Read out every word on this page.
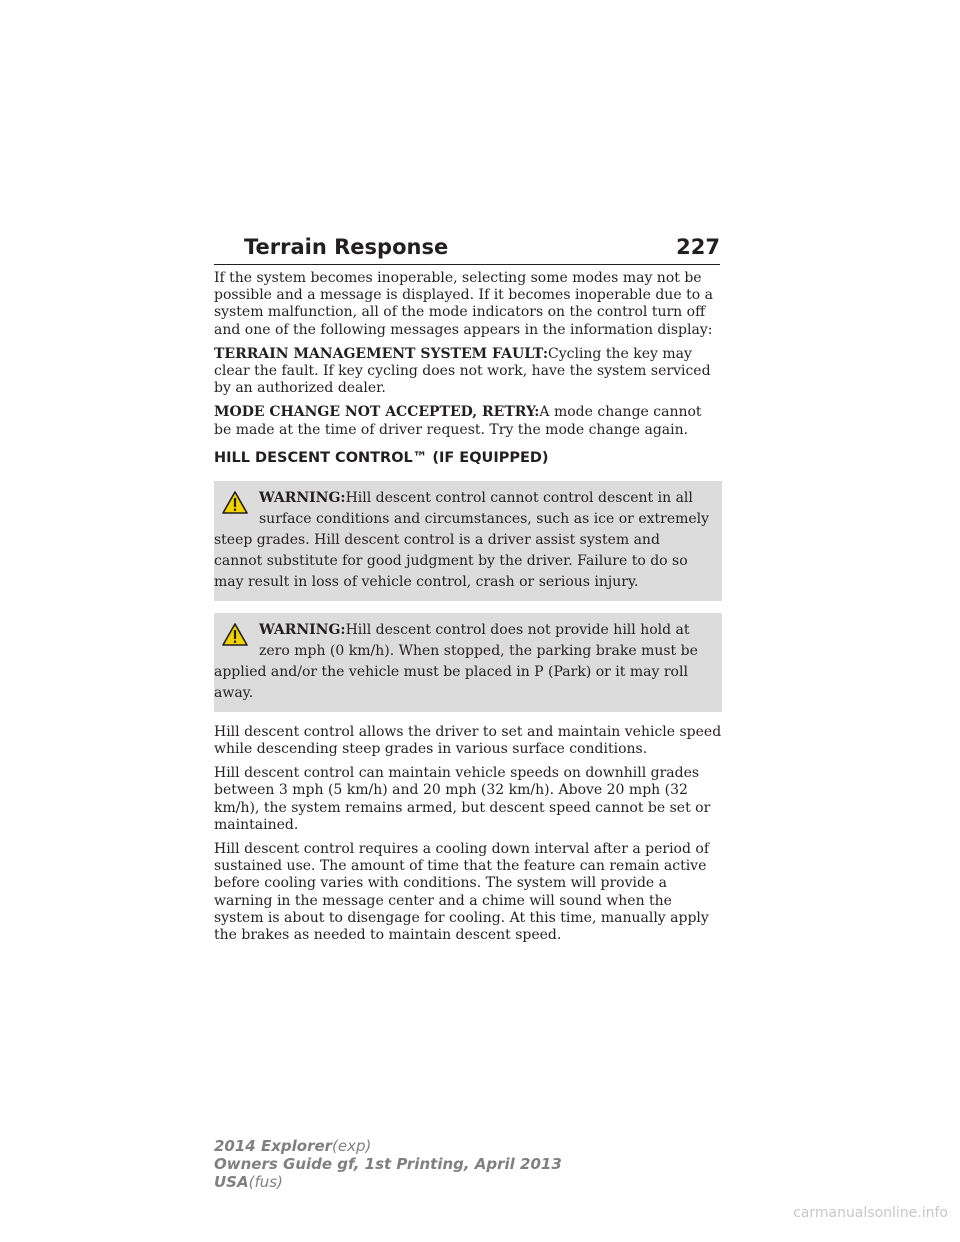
Terrain Response	227

If the system becomes inoperable, selecting some modes may not be possible and a message is displayed. If it becomes inoperable due to a system malfunction, all of the mode indicators on the control turn off and one of the following messages appears in the information display:

TERRAIN MANAGEMENT SYSTEM FAULT:Cycling the key may clear the fault. If key cycling does not work, have the system serviced by an authorized dealer.

MODE CHANGE NOT ACCEPTED, RETRY:A mode change cannot be made at the time of driver request. Try the mode change again.

HILL DESCENT CONTROL™ (IF EQUIPPED)
WARNING:Hill descent control cannot control descent in all
surface conditions and circumstances, such as ice or extremely
steep grades. Hill descent control is a driver assist system and cannot substitute for good judgment by the driver. Failure to do so may result in loss of vehicle control, crash or serious injury.
WARNING:Hill descent control does not provide hill hold at
zero mph (0 km/h). When stopped, the parking brake must be
applied and/or the vehicle must be placed in P (Park) or it may roll away.

Hill descent control allows the driver to set and maintain vehicle speed while descending steep grades in various surface conditions.

Hill descent control can maintain vehicle speeds on downhill grades between 3 mph (5 km/h) and 20 mph (32 km/h). Above 20 mph (32 km/h), the system remains armed, but descent speed cannot be set or maintained.

Hill descent control requires a cooling down interval after a period of sustained use. The amount of time that the feature can remain active before cooling varies with conditions. The system will provide a warning in the message center and a chime will sound when the system is about to disengage for cooling. At this time, manually apply the brakes as needed to maintain descent speed.

2014 Explorer(exp)
Owners Guide gf, 1st Printing, April 2013
USA(fus)
carmanualsonline.info
